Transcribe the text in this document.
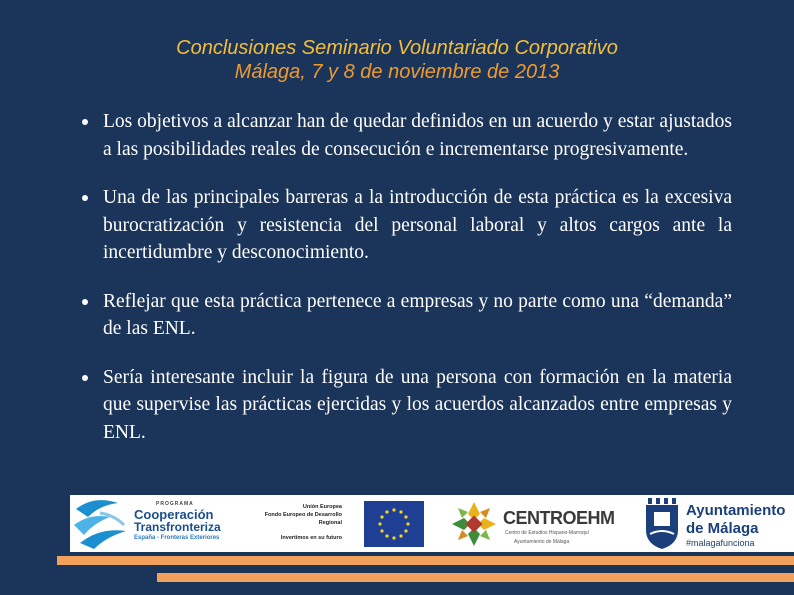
Conclusiones Seminario Voluntariado Corporativo
Málaga, 7 y 8 de noviembre de 2013
Los objetivos a alcanzar han de quedar definidos en un acuerdo y estar ajustados a las posibilidades reales de consecución e incrementarse progresivamente.
Una de las principales barreras a la introducción de esta práctica es la excesiva burocratización y resistencia del personal laboral y altos cargos ante la incertidumbre y desconocimiento.
Reflejar que esta práctica pertenece a empresas y no parte como una “demanda” de las ENL.
Sería interesante incluir la figura de una persona con formación en la materia que supervise las prácticas ejercidas y los acuerdos alcanzados entre empresas y ENL.
PROGRAMA
Cooperación
Transfronteriza
España - Fronteras Exteriores
Unión Europea
Fondo Europeo de Desarrollo
Regional
Invertimos en su futuro
CENTROEHM
Centro de Estudios Hispano-Marroquí
Ayuntamiento de Málaga
Ayuntamiento
de Málaga
#malagafunciona
